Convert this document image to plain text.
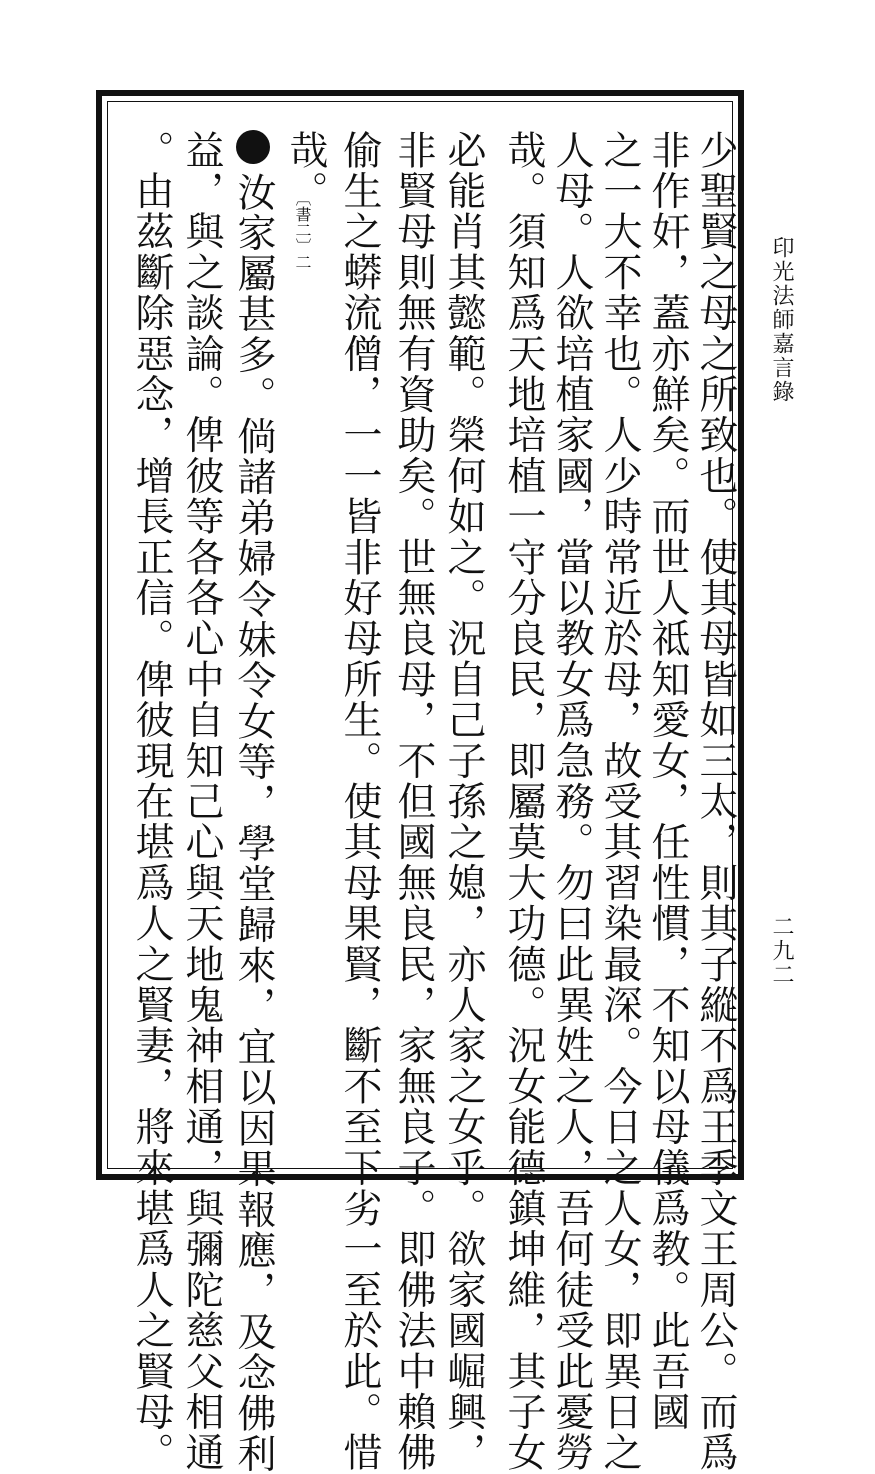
印光法師嘉言錄
二九二
少聖賢之母之所致也。使其母皆如三太，則其子縱不爲王季文王周公。而爲
非作奸，蓋亦鮮矣。而世人祗知愛女，任性慣，不知以母儀爲教。此吾國
之一大不幸也。人少時常近於母，故受其習染最深。今日之人女，即異日之
人母。人欲培植家國，當以教女爲急務。勿曰此異姓之人，吾何徒受此憂勞
哉。須知爲天地培植一守分良民，即屬莫大功德。況女能德鎮坤維，其子女
必能肖其懿範。榮何如之。況自己子孫之媳，亦人家之女乎。欲家國崛興，
非賢母則無有資助矣。世無良母，不但國無良民，家無良子。即佛法中賴佛
偷生之蟒流僧，一一皆非好母所生。使其母果賢，斷不至下劣一至於此。惜
哉。
︹書二︺二
汝家屬甚多。倘諸弟婦令妹令女等，學堂歸來，宜以因果報應，及念佛利
益，與之談論。俾彼等各各心中自知己心與天地鬼神相通，與彌陀慈父相通
。由茲斷除惡念，增長正信。俾彼現在堪爲人之賢妻，將來堪爲人之賢母。
